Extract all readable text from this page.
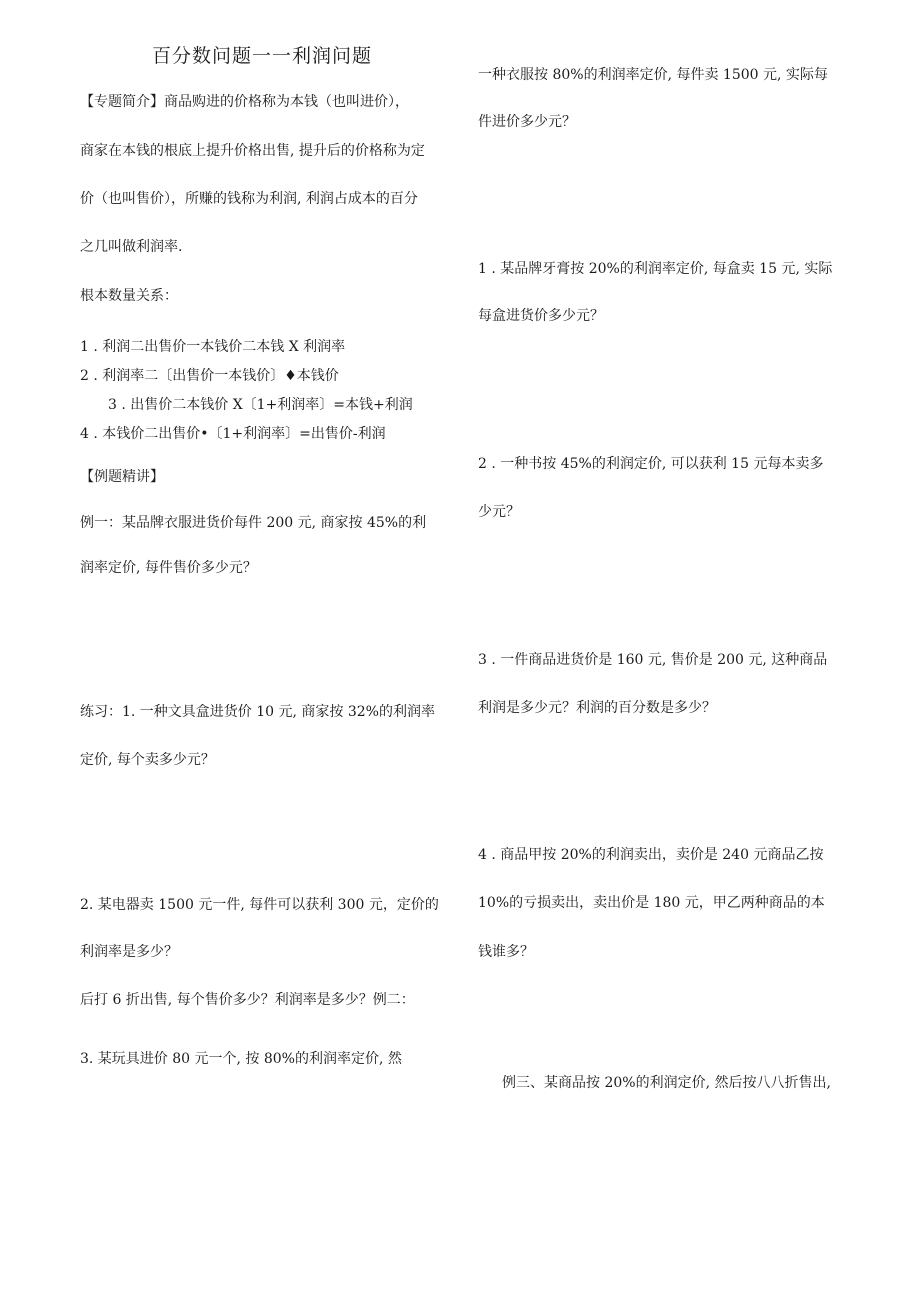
百分数问题一一利润问题

【专题简介】商品购进的价格称为本钱（也叫进价），

商家在本钱的根底上提升价格出售, 提升后的价格称为定

价（也叫售价），所赚的钱称为利润, 利润占成本的百分

之几叫做利润率.

根本数量关系：

1 . 利润二出售价一本钱价二本钱 X 利润率

2 . 利润率二〔出售价一本钱价〕♦本钱价

3 . 出售价二本钱价 X〔1+利润率〕=本钱+利润

4 . 本钱价二出售价•〔1+利润率〕=出售价-利润

【例题精讲】

例一：某品牌衣服进货价每件 200 元, 商家按 45%的利

润率定价, 每件售价多少元？

练习：1. 一种文具盒进货价 10 元, 商家按 32%的利润率

定价, 每个卖多少元？

2. 某电器卖 1500 元一件, 每件可以获利 300 元，定价的

利润率是多少？

后打 6 折出售, 每个售价多少？利润率是多少？例二：

3. 某玩具进价 80 元一个, 按 80%的利润率定价, 然

一种衣服按 80%的利润率定价, 每件卖 1500 元, 实际每

件进价多少元？

1 . 某品牌牙膏按 20%的利润率定价, 每盒卖 15 元, 实际

每盒进货价多少元？

2 . 一种书按 45%的利润定价, 可以获利 15 元每本卖多

少元？

3 . 一件商品进货价是 160 元, 售价是 200 元, 这种商品

利润是多少元？利润的百分数是多少？

4 . 商品甲按 20%的利润卖出，卖价是 240 元商品乙按

10%的亏损卖出，卖出价是 180 元，甲乙两种商品的本

钱谁多？

例三、某商品按 20%的利润定价, 然后按八八折售出,
